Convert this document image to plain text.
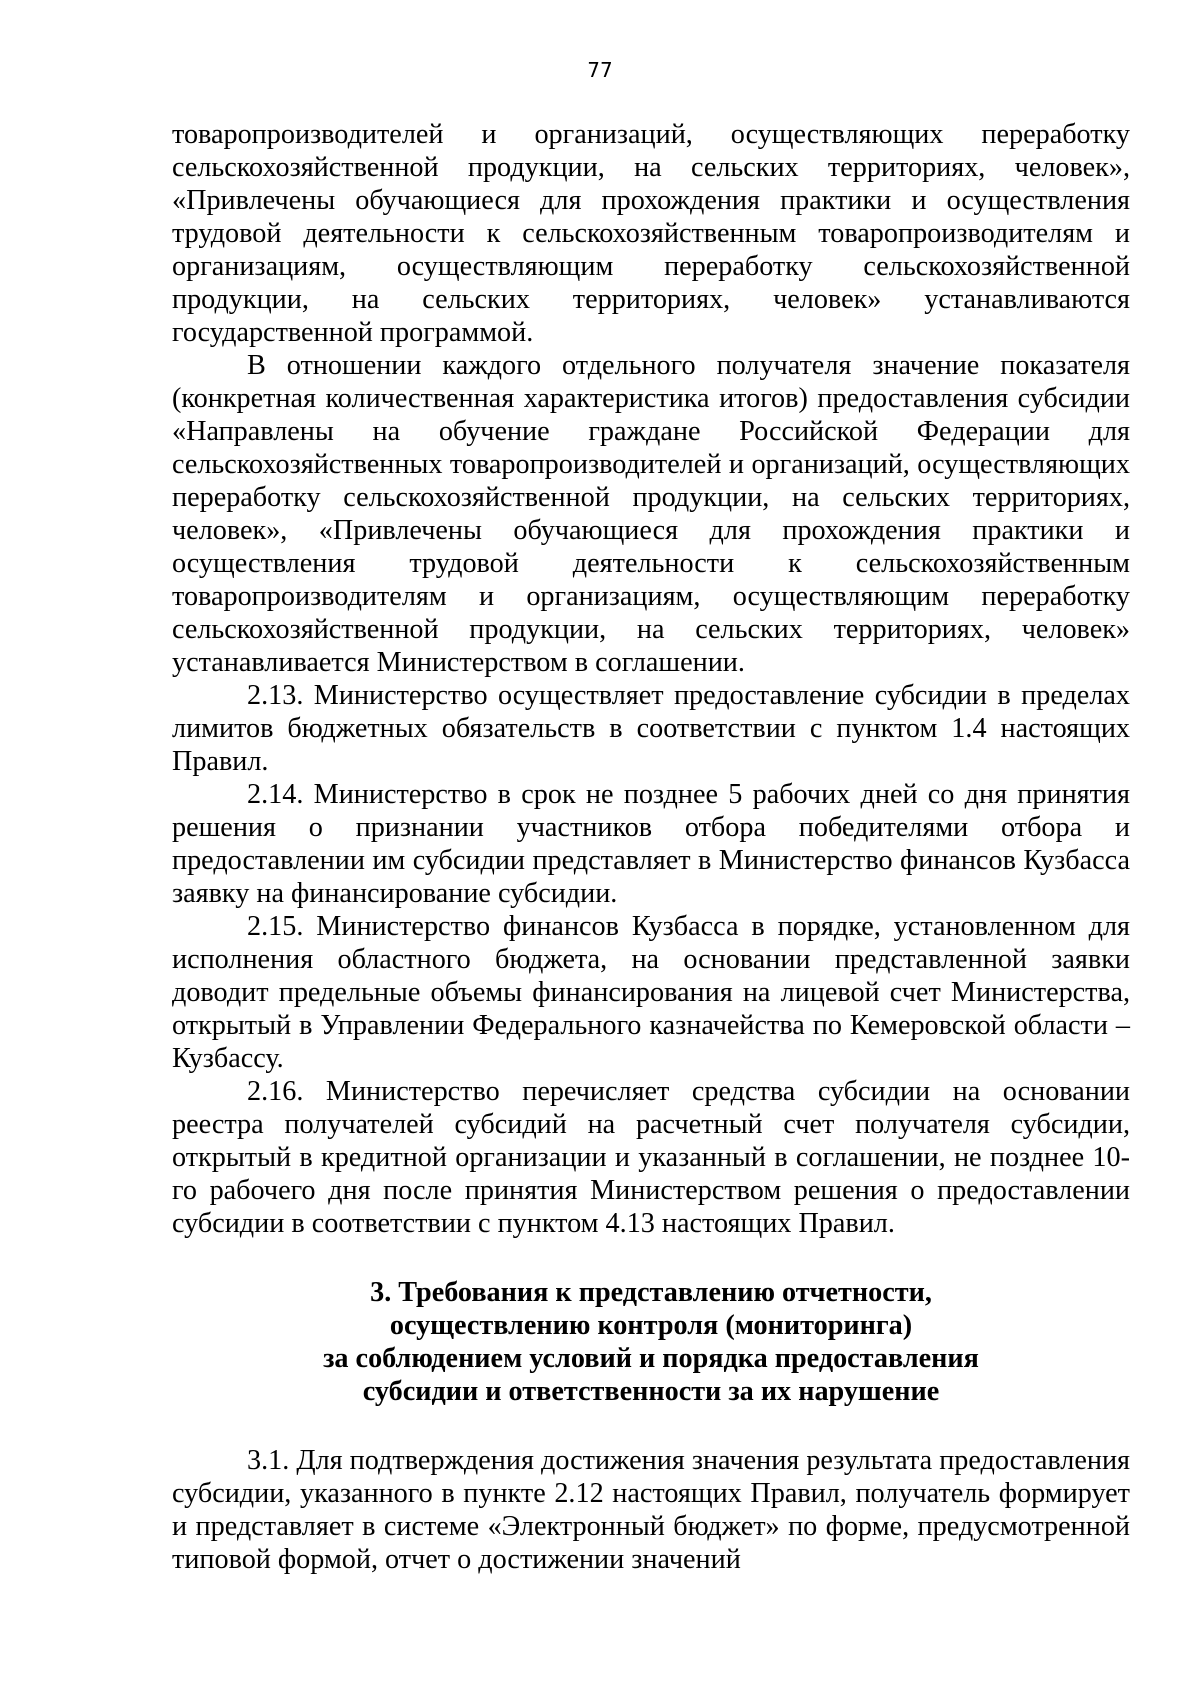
77

товаропроизводителей и организаций, осуществляющих переработку сельскохозяйственной продукции, на сельских территориях, человек», «Привлечены обучающиеся для прохождения практики и осуществления трудовой деятельности к сельскохозяйственным товаропроизводителям и организациям, осуществляющим переработку сельскохозяйственной продукции, на сельских территориях, человек» устанавливаются государственной программой.

В отношении каждого отдельного получателя значение показателя (конкретная количественная характеристика итогов) предоставления субсидии «Направлены на обучение граждане Российской Федерации для сельскохозяйственных товаропроизводителей и организаций, осуществляющих переработку сельскохозяйственной продукции, на сельских территориях, человек», «Привлечены обучающиеся для прохождения практики и осуществления трудовой деятельности к сельскохозяйственным товаропроизводителям и организациям, осуществляющим переработку сельскохозяйственной продукции, на сельских территориях, человек» устанавливается Министерством в соглашении.

2.13. Министерство осуществляет предоставление субсидии в пределах лимитов бюджетных обязательств в соответствии с пунктом 1.4 настоящих Правил.

2.14. Министерство в срок не позднее 5 рабочих дней со дня принятия решения о признании участников отбора победителями отбора и предоставлении им субсидии представляет в Министерство финансов Кузбасса заявку на финансирование субсидии.

2.15. Министерство финансов Кузбасса в порядке, установленном для исполнения областного бюджета, на основании представленной заявки доводит предельные объемы финансирования на лицевой счет Министерства, открытый в Управлении Федерального казначейства по Кемеровской области – Кузбассу.

2.16. Министерство перечисляет средства субсидии на основании реестра получателей субсидий на расчетный счет получателя субсидии, открытый в кредитной организации и указанный в соглашении, не позднее 10-го рабочего дня после принятия Министерством решения о предоставлении субсидии в соответствии с пунктом 4.13 настоящих Правил.

3. Требования к представлению отчетности,
осуществлению контроля (мониторинга)
за соблюдением условий и порядка предоставления
субсидии и ответственности за их нарушение

3.1. Для подтверждения достижения значения результата предоставления субсидии, указанного в пункте 2.12 настоящих Правил, получатель формирует и представляет в системе «Электронный бюджет» по форме, предусмотренной типовой формой, отчет о достижении значений
